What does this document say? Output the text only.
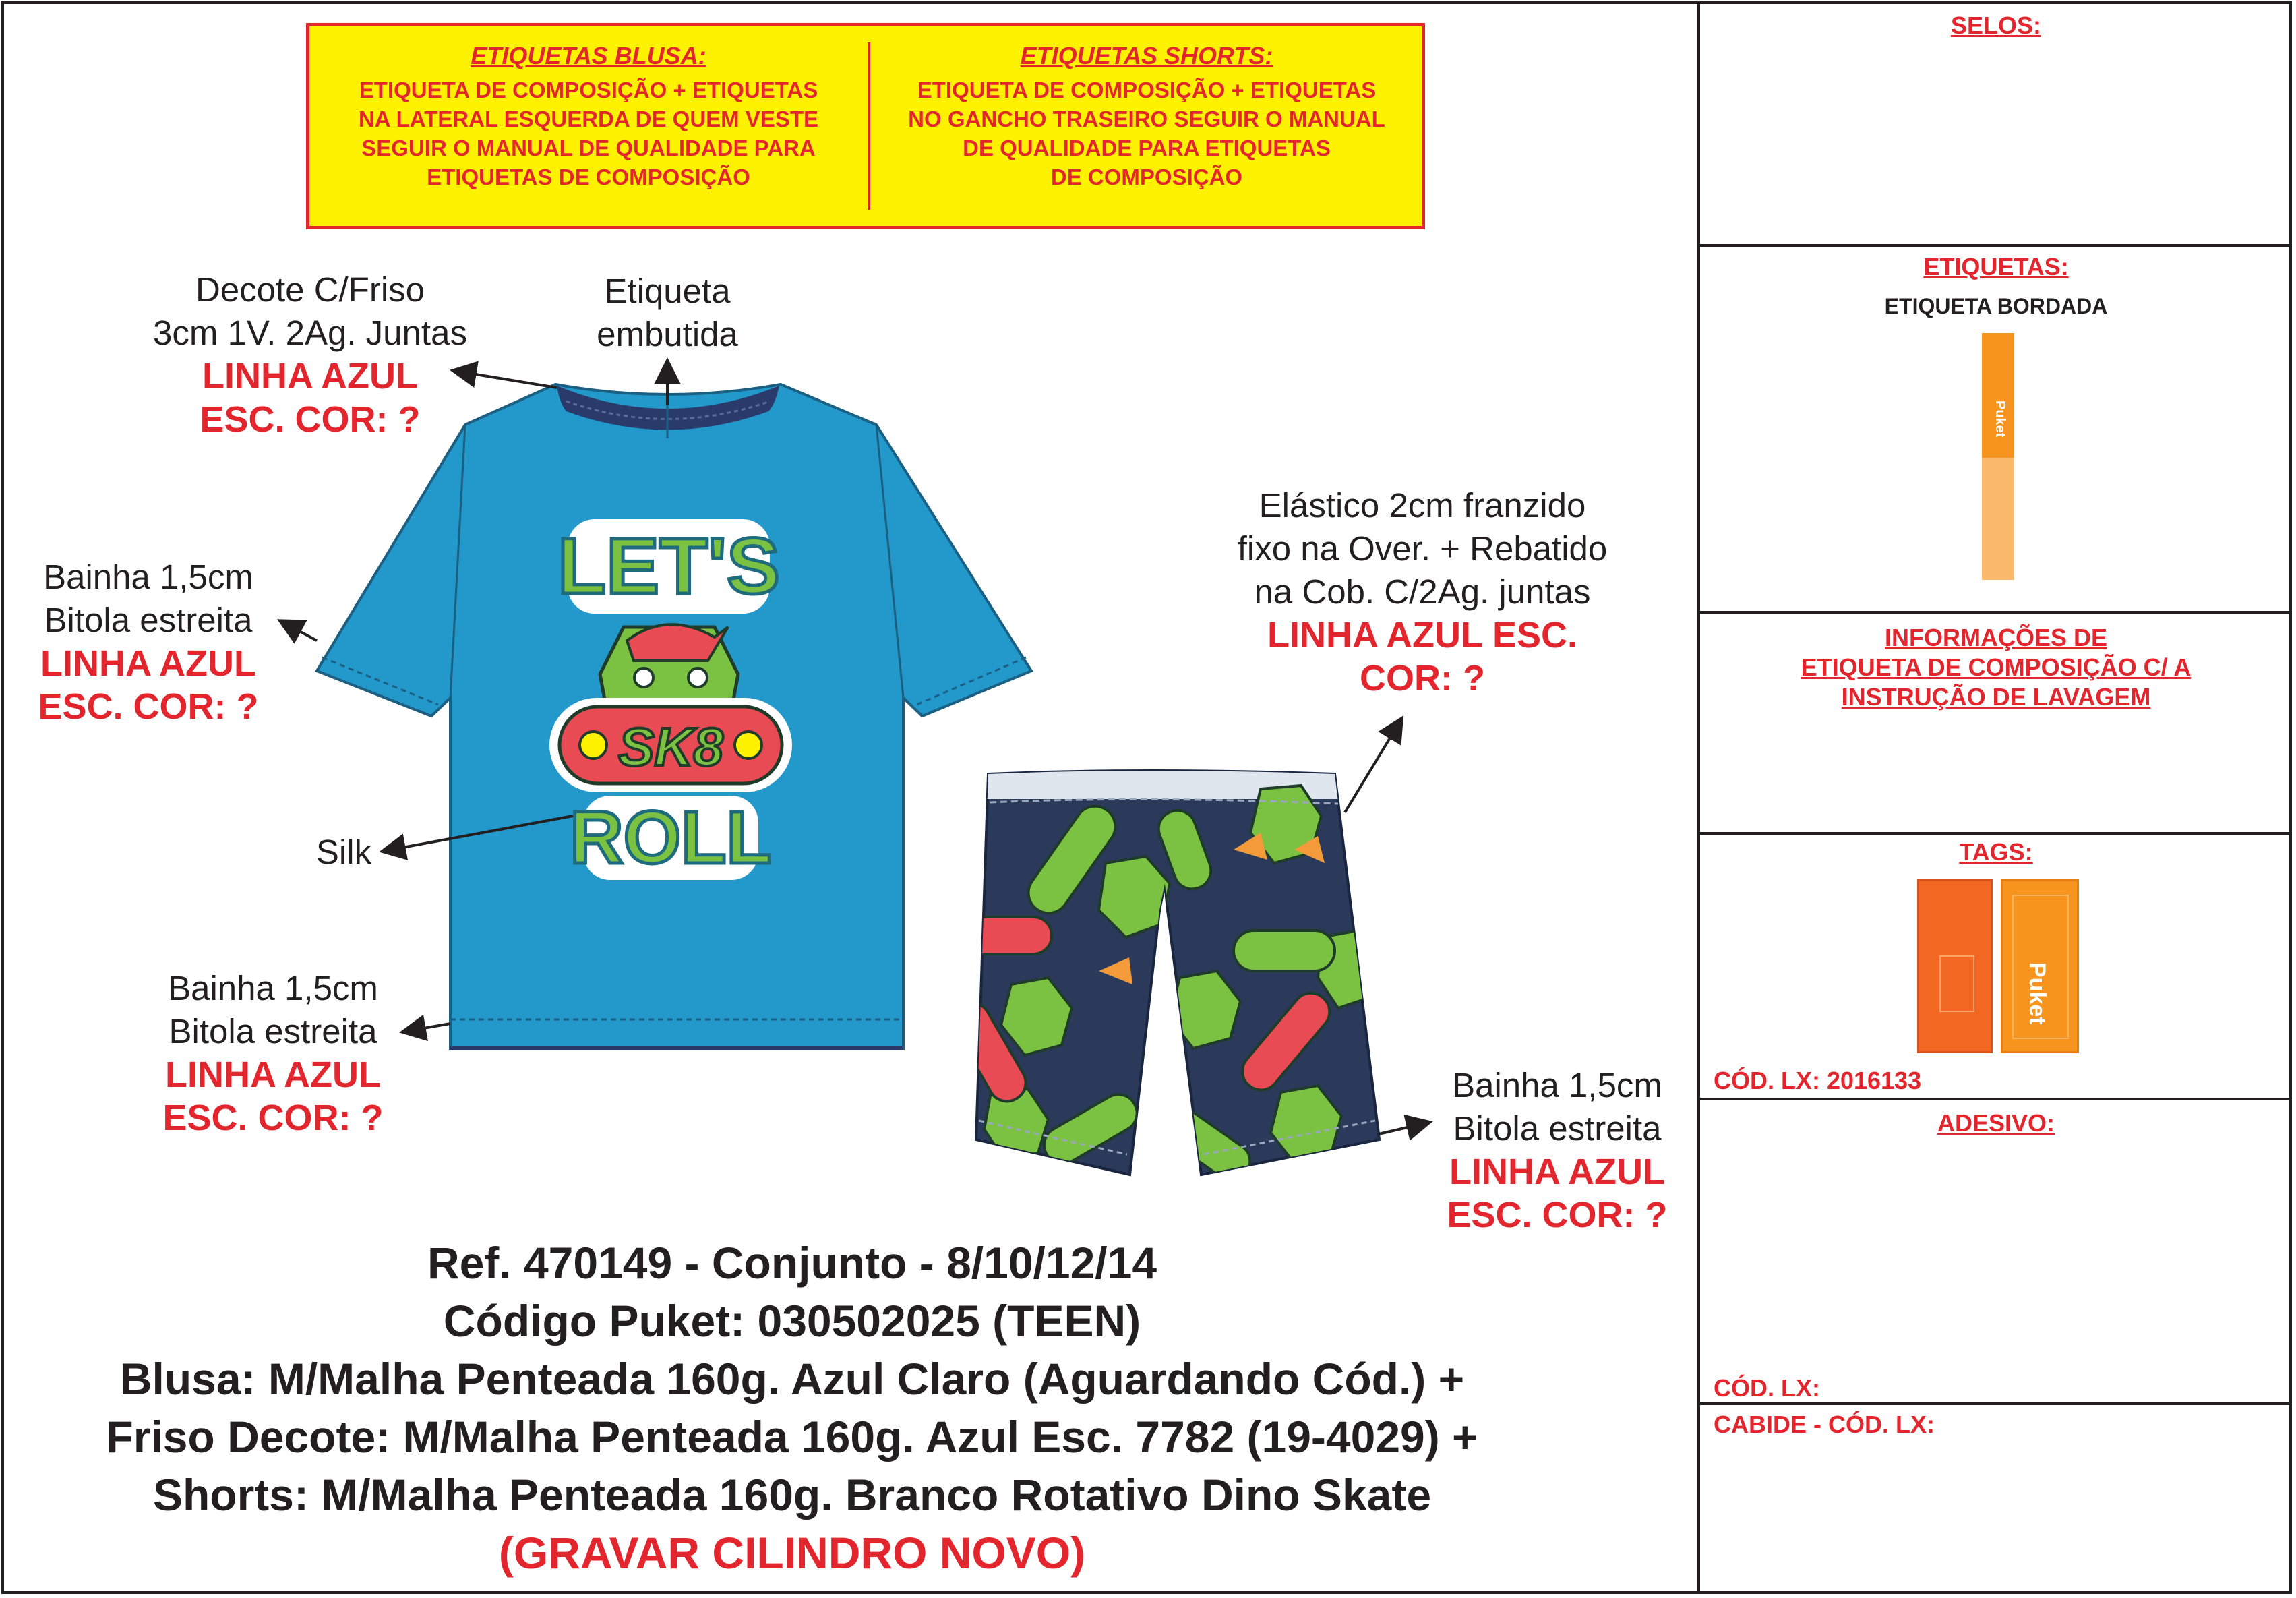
ETIQUETAS BLUSA:
ETIQUETA DE COMPOSIÇÃO + ETIQUETAS
NA LATERAL ESQUERDA DE QUEM VESTE
SEGUIR O MANUAL DE QUALIDADE PARA
ETIQUETAS DE COMPOSIÇÃO
ETIQUETAS SHORTS:
ETIQUETA DE COMPOSIÇÃO + ETIQUETAS
NO GANCHO TRASEIRO SEGUIR O MANUAL
DE QUALIDADE PARA ETIQUETAS
DE COMPOSIÇÃO
LET'S
SK8
ROLL
Decote C/Friso
3cm 1V. 2Ag. Juntas
LINHA AZUL
ESC. COR: ?
Etiqueta
embutida
Bainha 1,5cm
Bitola estreita
LINHA AZUL
ESC. COR: ?
Silk
Bainha 1,5cm
Bitola estreita
LINHA AZUL
ESC. COR: ?
Elástico 2cm franzido
fixo na Over. + Rebatido
na Cob. C/2Ag. juntas
LINHA AZUL ESC.
COR: ?
Bainha 1,5cm
Bitola estreita
LINHA AZUL
ESC. COR: ?
Ref. 470149 - Conjunto - 8/10/12/14
Código Puket: 030502025 (TEEN)
Blusa: M/Malha Penteada 160g. Azul Claro (Aguardando Cód.) +
Friso Decote: M/Malha Penteada 160g. Azul Esc. 7782 (19-4029) +
Shorts: M/Malha Penteada 160g. Branco Rotativo Dino Skate
(GRAVAR CILINDRO NOVO)
SELOS:
ETIQUETAS:
ETIQUETA BORDADA
Puket
INFORMAÇÕES DE
ETIQUETA DE COMPOSIÇÃO C/ A
INSTRUÇÃO DE LAVAGEM
TAGS:
Puket
CÓD. LX: 2016133
ADESIVO:
CÓD. LX:
CABIDE - CÓD. LX:
